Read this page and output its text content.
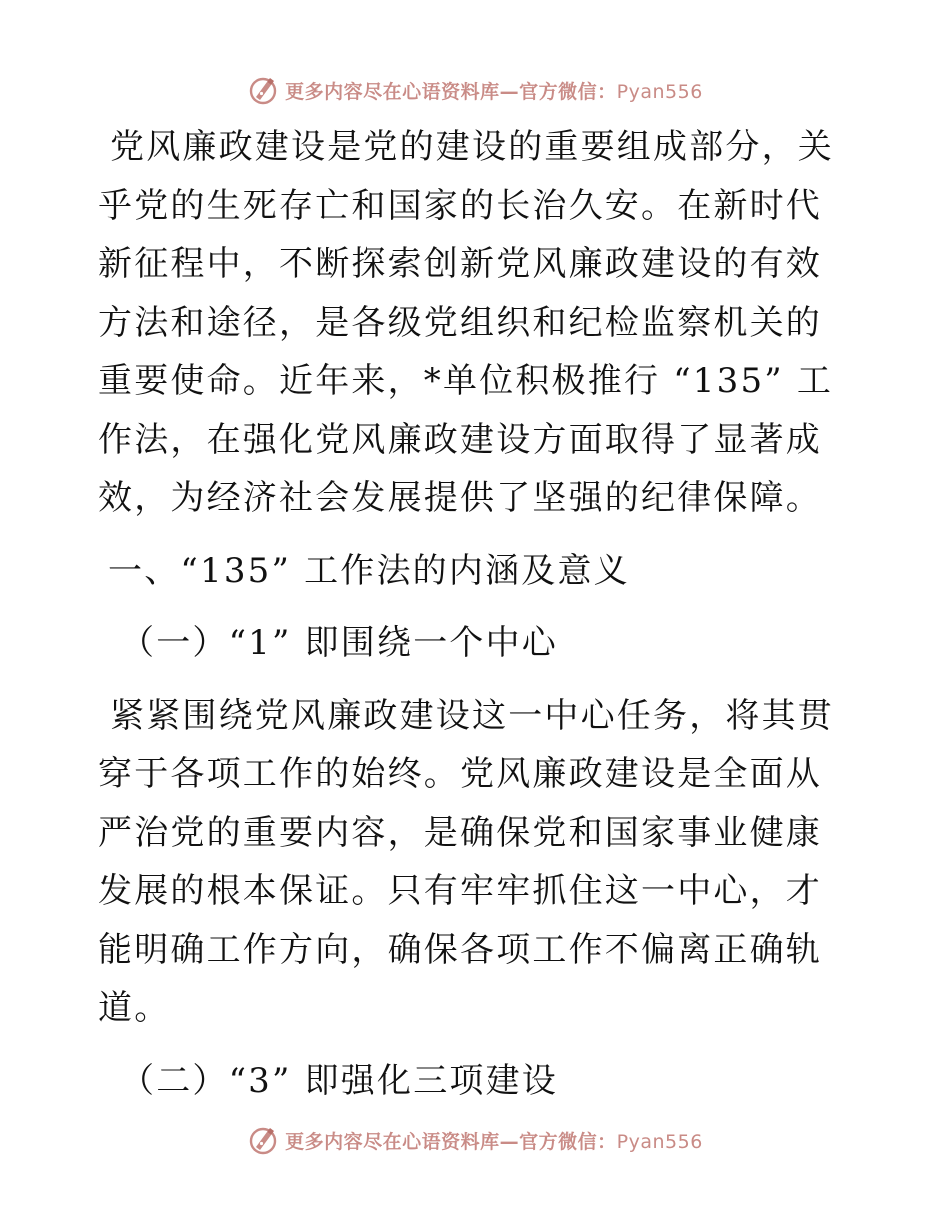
更多内容尽在心语资料库—官方微信：Pyan556

党风廉政建设是党的建设的重要组成部分，关乎党的生死存亡和国家的长治久安。在新时代新征程中，不断探索创新党风廉政建设的有效方法和途径，是各级党组织和纪检监察机关的重要使命。近年来，*单位积极推行 “135” 工作法，在强化党风廉政建设方面取得了显著成效，为经济社会发展提供了坚强的纪律保障。

一、“135” 工作法的内涵及意义

（一）“1” 即围绕一个中心

紧紧围绕党风廉政建设这一中心任务，将其贯穿于各项工作的始终。党风廉政建设是全面从严治党的重要内容，是确保党和国家事业健康发展的根本保证。只有牢牢抓住这一中心，才能明确工作方向，确保各项工作不偏离正确轨道。

（二）“3” 即强化三项建设

更多内容尽在心语资料库—官方微信：Pyan556
